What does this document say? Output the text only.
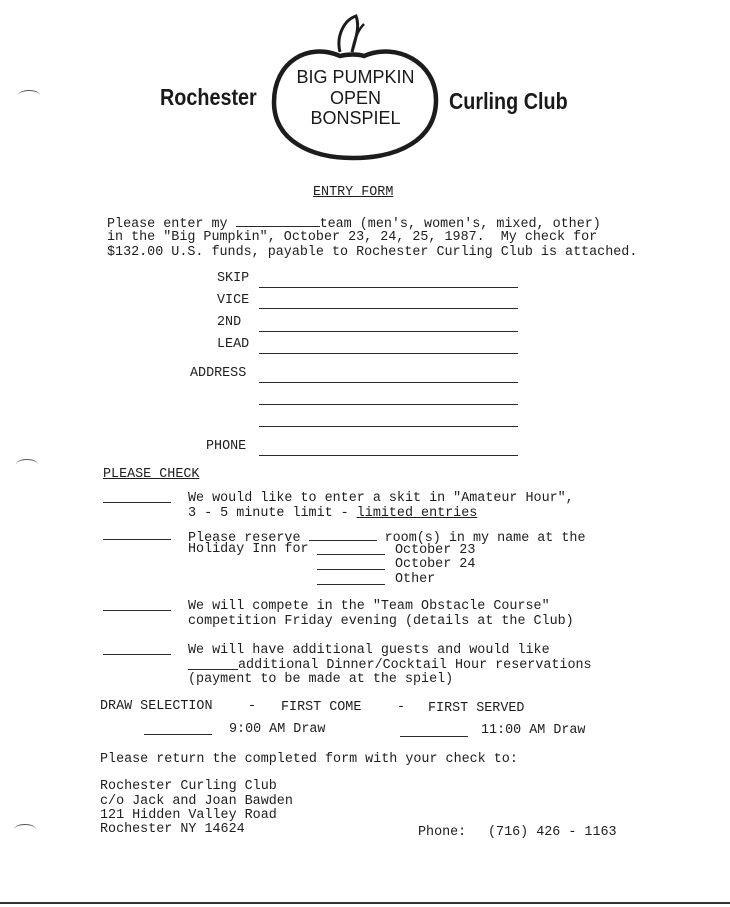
Rochester
BIG PUMPKIN
OPEN
BONSPIEL
Curling Club
ENTRY FORM
Please enter my	team (men's, women's, mixed, other)
in the "Big Pumpkin", October 23, 24, 25, 1987.  My check for
$132.00 U.S. funds, payable to Rochester Curling Club is attached.
SKIP
VICE
2ND
LEAD
ADDRESS
PHONE
PLEASE CHECK
We would like to enter a skit in "Amateur Hour",
3 - 5 minute limit - limited entries
Please reserve	room(s) in my name at the
Holiday Inn for	October 23
October 24
Other
We will compete in the "Team Obstacle Course"
competition Friday evening (details at the Club)
We will have additional guests and would like
additional Dinner/Cocktail Hour reservations
(payment to be made at the spiel)
DRAW SELECTION	- FIRST COME	- FIRST SERVED
9:00 AM Draw	11:00 AM Draw
Please return the completed form with your check to:
Rochester Curling Club
c/o Jack and Joan Bawden
121 Hidden Valley Road
Rochester NY 14624	Phone: (716) 426 - 1163
